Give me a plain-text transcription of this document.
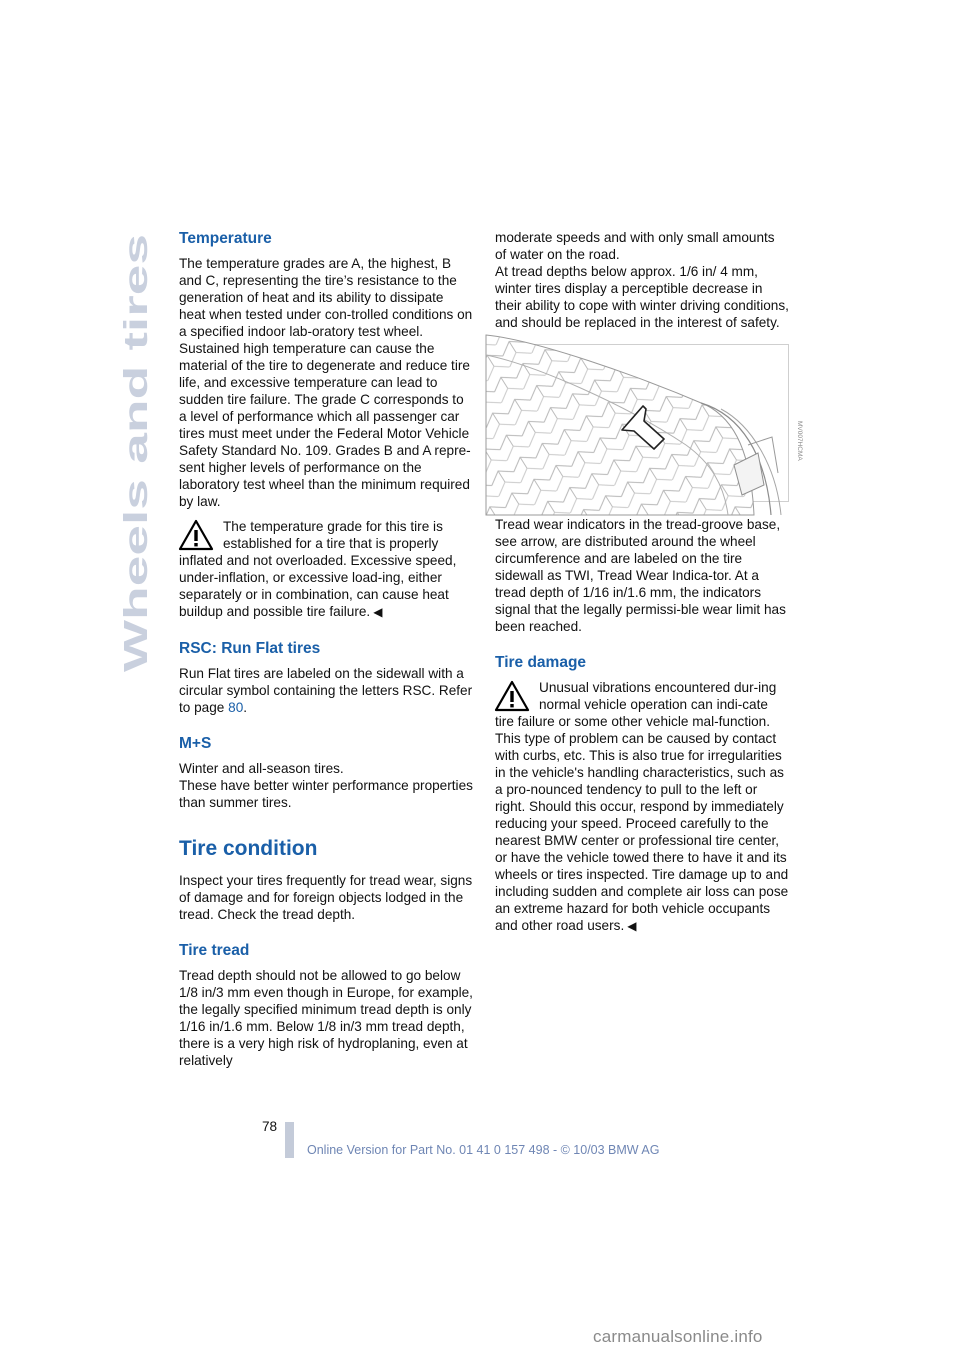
Wheels and tires
Temperature

The temperature grades are A, the highest, B and C, representing the tire’s resistance to the generation of heat and its ability to dissipate heat when tested under con-trolled conditions on a specified indoor lab-oratory test wheel.

Sustained high temperature can cause the material of the tire to degenerate and reduce tire life, and excessive temperature can lead to sudden tire failure. The grade C corresponds to a level of performance which all passenger car tires must meet under the Federal Motor Vehicle Safety Standard No. 109. Grades B and A repre-sent higher levels of performance on the laboratory test wheel than the minimum required by law.

The temperature grade for this tire is established for a tire that is properly inflated and not overloaded. Excessive speed, under-inflation, or excessive load-ing, either separately or in combination, can cause heat buildup and possible tire failure. ◀

RSC: Run Flat tires

Run Flat tires are labeled on the sidewall with a circular symbol containing the letters RSC. Refer to page 80.

M+S

Winter and all-season tires.

These have better winter performance properties than summer tires.

Tire condition

Inspect your tires frequently for tread wear, signs of damage and for foreign objects lodged in the tread. Check the tread depth.

Tire tread

Tread depth should not be allowed to go below 1/8 in/3 mm even though in Europe, for example, the legally specified minimum tread depth is only 1/16 in/1.6 mm. Below 1/8 in/3 mm tread depth, there is a very high risk of hydroplaning, even at relatively

moderate speeds and with only small amounts of water on the road.

At tread depths below approx. 1/6 in/ 4 mm, winter tires display a perceptible decrease in their ability to cope with winter driving conditions, and should be replaced in the interest of safety.

MV007HCMA

Tread wear indicators in the tread-groove base, see arrow, are distributed around the wheel circumference and are labeled on the tire sidewall as TWI, Tread Wear Indica-tor. At a tread depth of 1/16 in/1.6 mm, the indicators signal that the legally permissi-ble wear limit has been reached.

Tire damage

Unusual vibrations encountered dur-ing normal vehicle operation can indi-cate tire failure or some other vehicle mal-function. This type of problem can be caused by contact with curbs, etc. This is also true for irregularities in the vehicle's handling characteristics, such as a pro-nounced tendency to pull to the left or right. Should this occur, respond by immediately reducing your speed. Proceed carefully to the nearest BMW center or professional tire center, or have the vehicle towed there to have it and its wheels or tires inspected. Tire damage up to and including sudden and complete air loss can pose an extreme hazard for both vehicle occupants and other road users. ◀

78
Online Version for Part No. 01 41 0 157 498 - © 10/03 BMW AG
carmanualsonline.info
